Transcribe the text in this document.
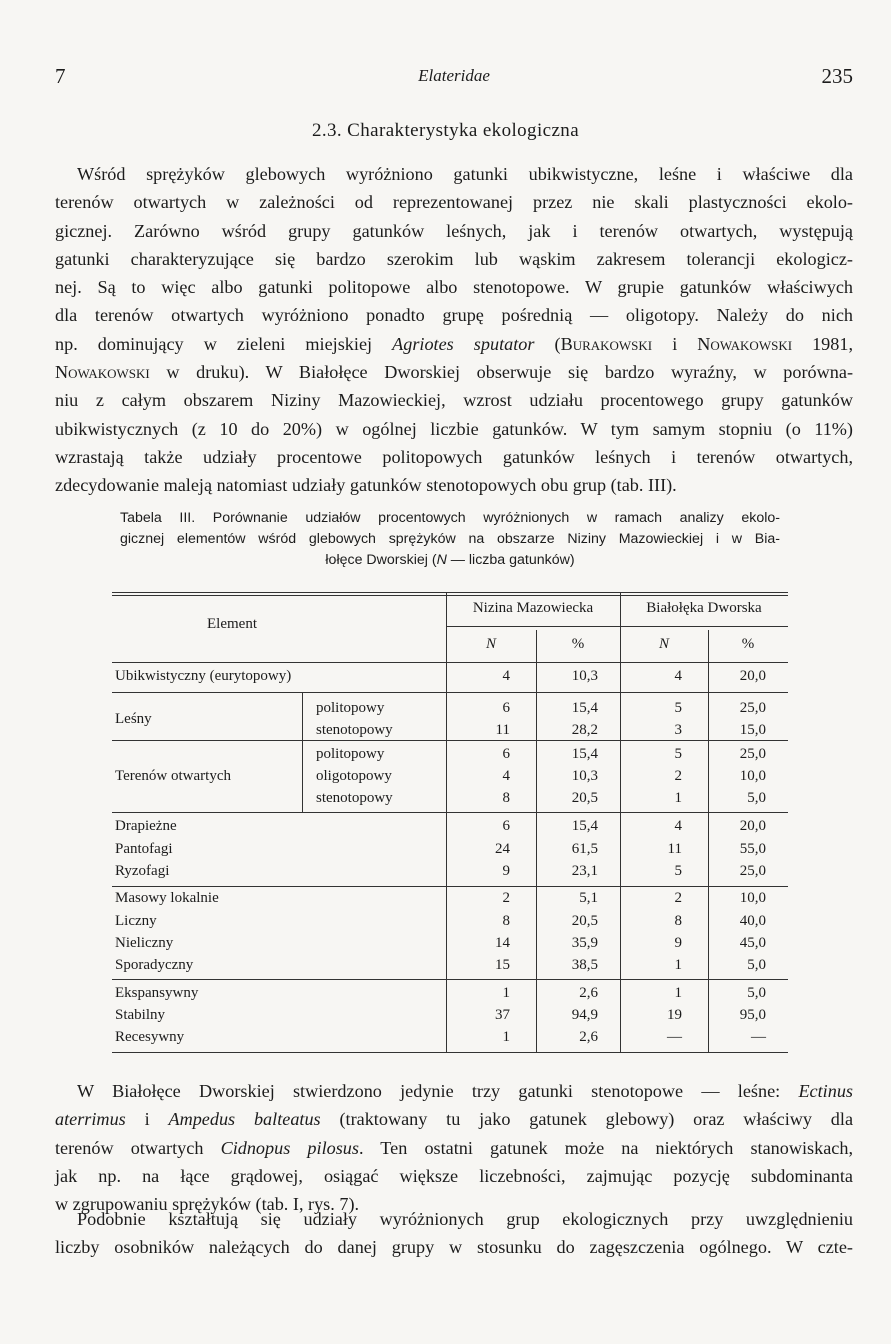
7	Elateridae	235
2.3. Charakterystyka ekologiczna
Wśród sprężyków glebowych wyróżniono gatunki ubikwistyczne, leśne i właściwe dla
terenów otwartych w zależności od reprezentowanej przez nie skali plastyczności ekolo-
gicznej. Zarówno wśród grupy gatunków leśnych, jak i terenów otwartych, występują
gatunki charakteryzujące się bardzo szerokim lub wąskim zakresem tolerancji ekologicz-
nej. Są to więc albo gatunki politopowe albo stenotopowe. W grupie gatunków właściwych
dla terenów otwartych wyróżniono ponadto grupę pośrednią — oligotopy. Należy do nich
np. dominujący w zieleni miejskiej Agriotes sputator (Burakowski i Nowakowski 1981,
Nowakowski w druku). W Białołęce Dworskiej obserwuje się bardzo wyraźny, w porówna-
niu z całym obszarem Niziny Mazowieckiej, wzrost udziału procentowego grupy gatunków
ubikwistycznych (z 10 do 20%) w ogólnej liczbie gatunków. W tym samym stopniu (o 11%)
wzrastają także udziały procentowe politopowych gatunków leśnych i terenów otwartych,
zdecydowanie maleją natomiast udziały gatunków stenotopowych obu grup (tab. III).
Tabela III. Porównanie udziałów procentowych wyróżnionych w ramach analizy ekolo-
gicznej elementów wśród glebowych sprężyków na obszarze Niziny Mazowieckiej i w Bia-
łołęce Dworskiej (N — liczba gatunków)
Element
Nizina Mazowiecka	Białołęka Dworska
N	%	N	%
Ubikwistyczny (eurytopowy)	4	10,3	4	20,0
Leśny
politopowy	6	15,4	5	25,0
stenotopowy	11	28,2	3	15,0
politopowy	6	15,4	5	25,0
Terenów otwartych	oligotopowy	4	10,3	2	10,0
stenotopowy	8	20,5	1	5,0
Drapieżne	6	15,4	4	20,0
Pantofagi	24	61,5	11	55,0
Ryzofagi	9	23,1	5	25,0
Masowy lokalnie	2	5,1	2	10,0
Liczny	8	20,5	8	40,0
Nieliczny	14	35,9	9	45,0
Sporadyczny	15	38,5	1	5,0
Ekspansywny	1	2,6	1	5,0
Stabilny	37	94,9	19	95,0
Recesywny	1	2,6	—	—
W Białołęce Dworskiej stwierdzono jedynie trzy gatunki stenotopowe — leśne: Ectinus
aterrimus i Ampedus balteatus (traktowany tu jako gatunek glebowy) oraz właściwy dla
terenów otwartych Cidnopus pilosus. Ten ostatni gatunek może na niektórych stanowiskach,
jak np. na łące grądowej, osiągać większe liczebności, zajmując pozycję subdominanta
w zgrupowaniu sprężyków (tab. I, rys. 7).
Podobnie kształtują się udziały wyróżnionych grup ekologicznych przy uwzględnieniu
liczby osobników należących do danej grupy w stosunku do zagęszczenia ogólnego. W czte-
